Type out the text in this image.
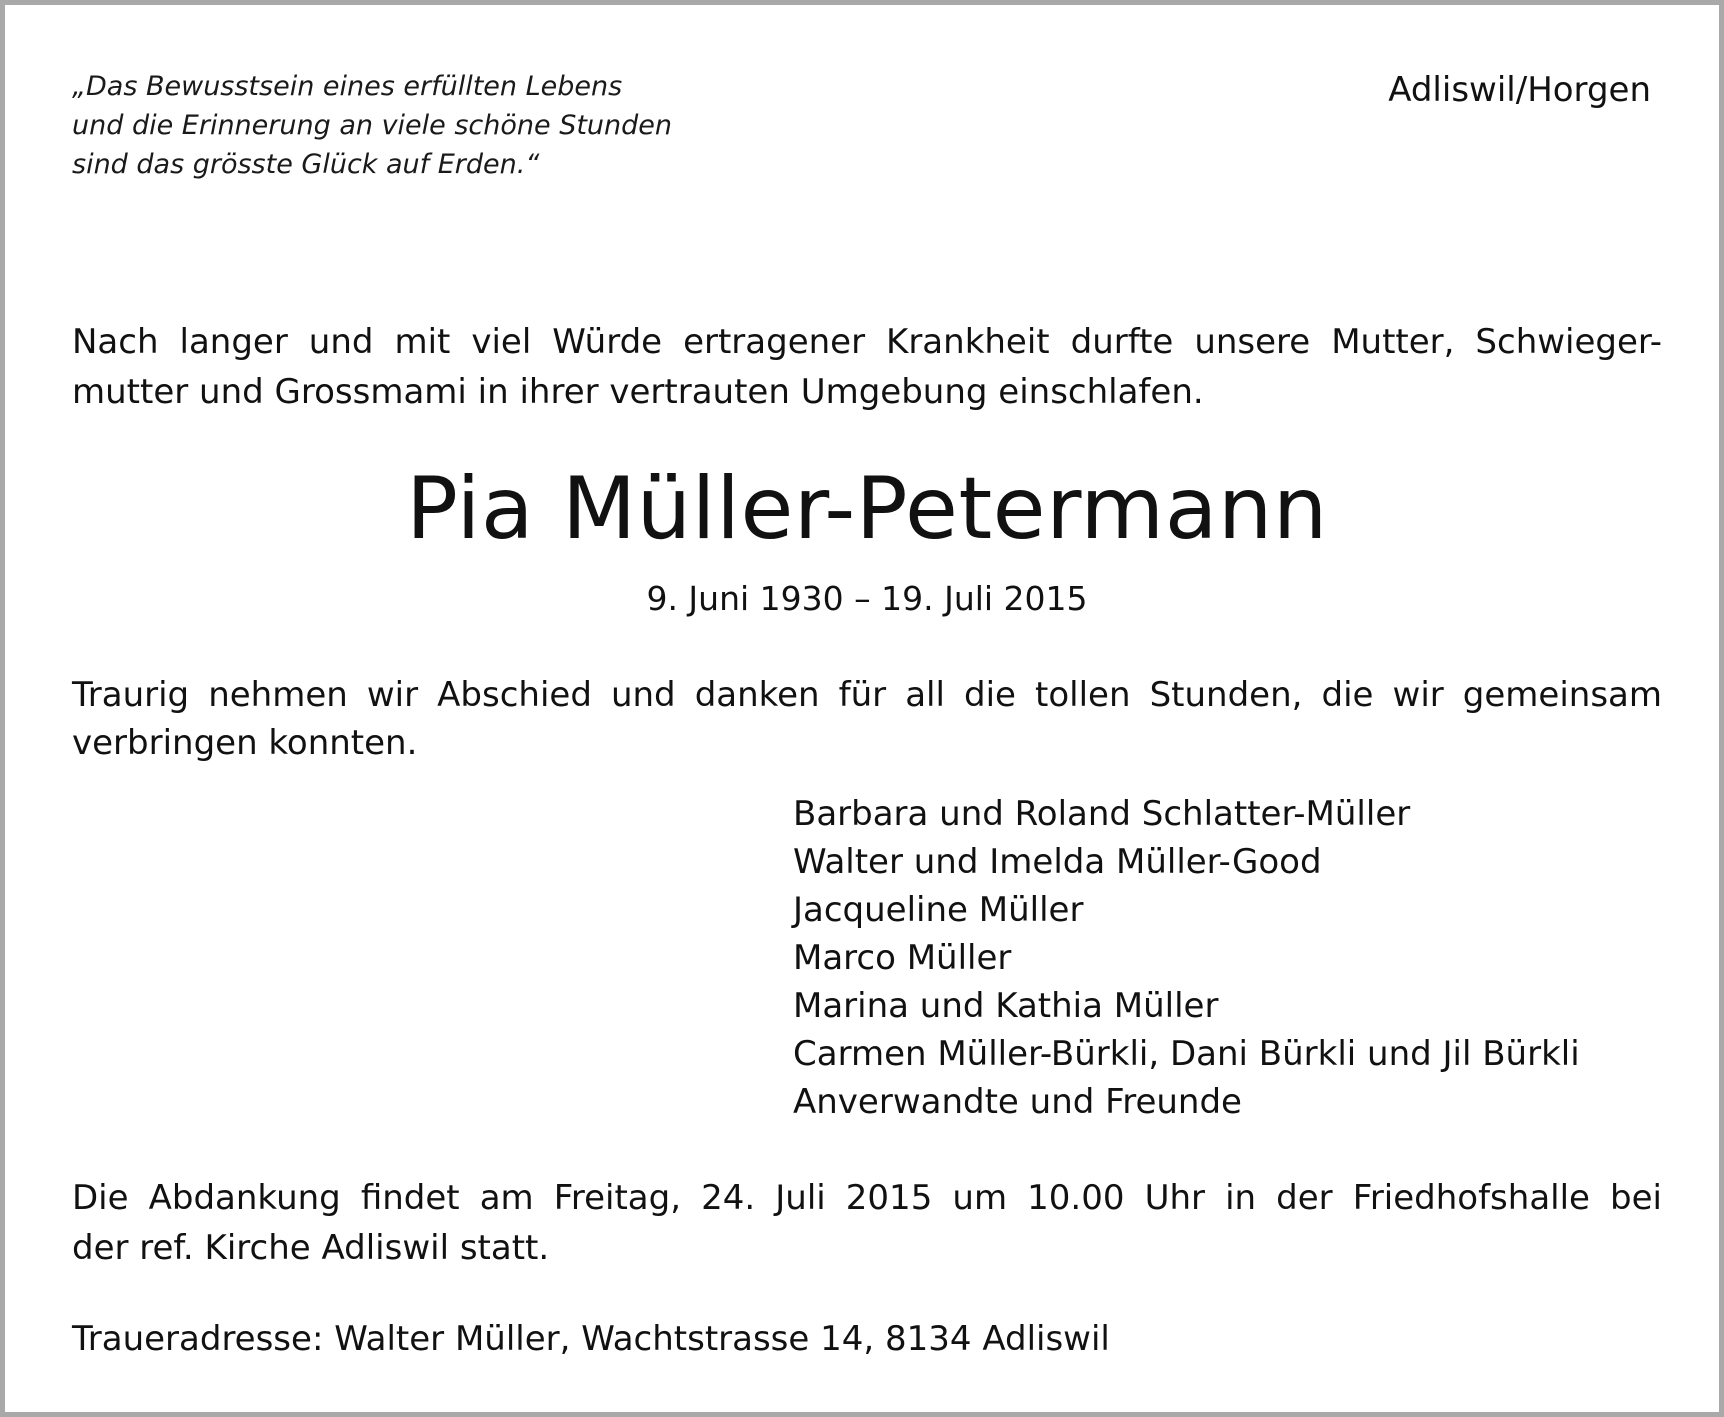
„Das Bewusstsein eines erfüllten Lebens
und die Erinnerung an viele schöne Stunden
sind das grösste Glück auf Erden.“

Adliswil/Horgen

Nach langer und mit viel Würde ertragener Krankheit durfte unsere Mutter, Schwieger-
mutter und Grossmami in ihrer vertrauten Umgebung einschlafen.

Pia Müller-Petermann

9. Juni 1930 – 19. Juli 2015

Traurig nehmen wir Abschied und danken für all die tollen Stunden, die wir gemeinsam
verbringen konnten.

Barbara und Roland Schlatter-Müller
Walter und Imelda Müller-Good
Jacqueline Müller
Marco Müller
Marina und Kathia Müller
Carmen Müller-Bürkli, Dani Bürkli und Jil Bürkli
Anverwandte und Freunde

Die Abdankung findet am Freitag, 24. Juli 2015 um 10.00 Uhr in der Friedhofshalle bei
der ref. Kirche Adliswil statt.

Traueradresse: Walter Müller, Wachtstrasse 14, 8134 Adliswil
